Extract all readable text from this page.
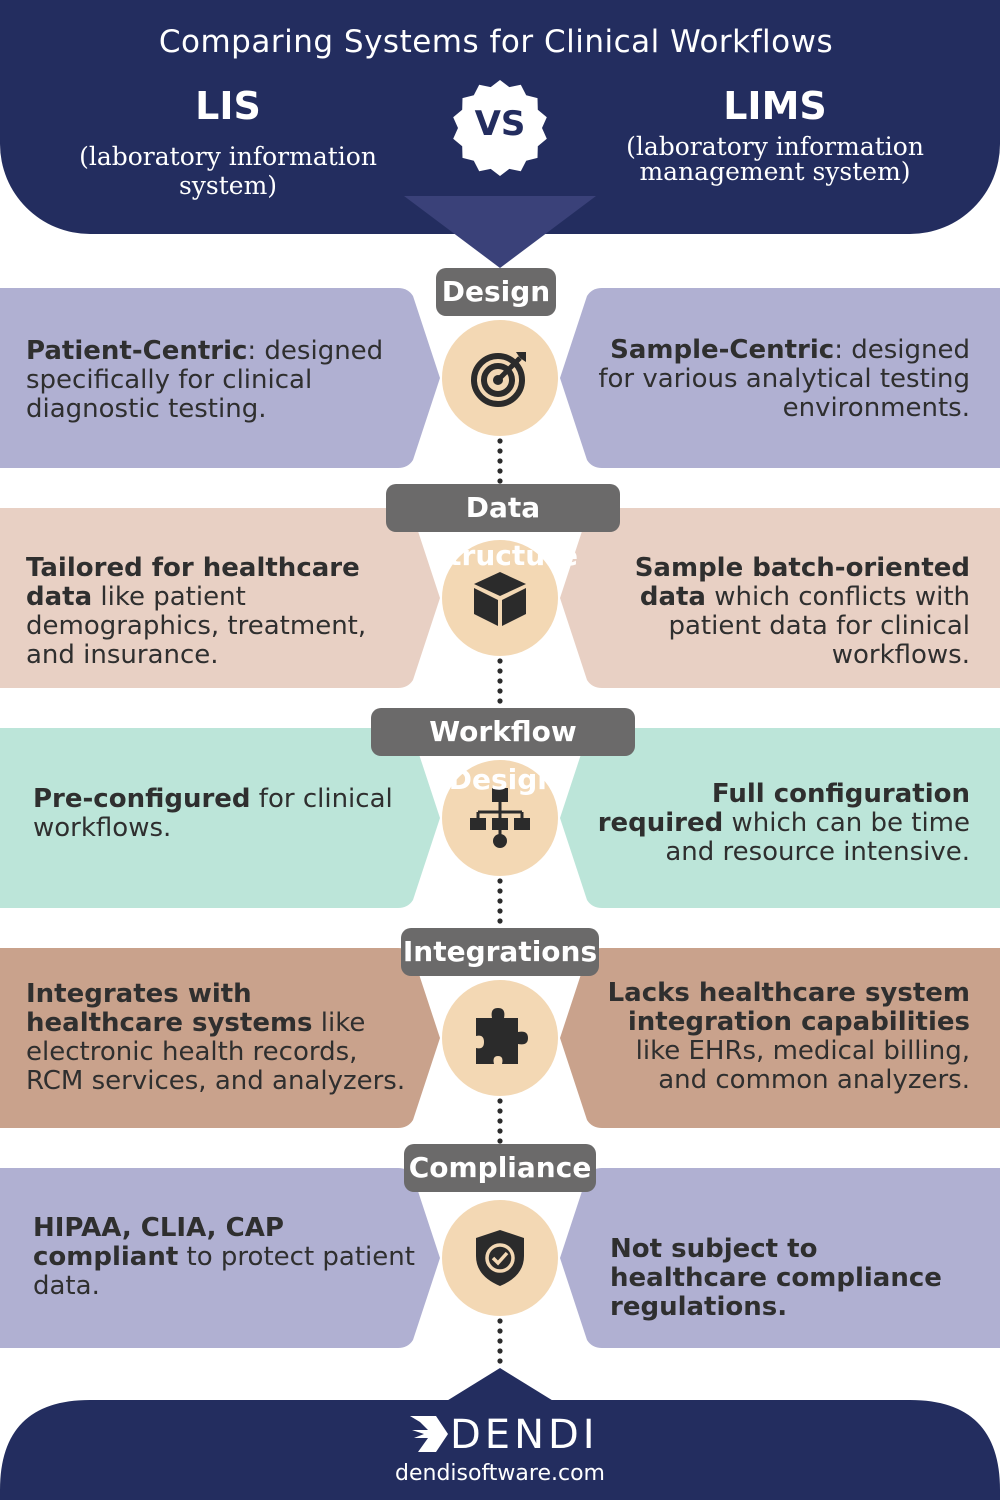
Comparing Systems for Clinical Workflows
LIS
(laboratory information system)
LIMS
(laboratory information management system)
VS
DENDI
dendisoftware.com
Design
Patient-Centric: designed specifically for clinical diagnostic testing.
Sample-Centric: designed for various analytical testing environments.
Data Structure
Tailored for healthcare data like patient demographics, treatment, and insurance.
Sample batch-oriented data which conflicts with patient data for clinical workflows.
Workflow Design
Pre-configured for clinical workflows.
Full configuration required which can be time and resource intensive.
Integrations
Integrates with healthcare systems like electronic health records, RCM services, and analyzers.
Lacks healthcare system integration capabilities like EHRs, medical billing, and common analyzers.
Compliance
HIPAA, CLIA, CAP compliant to protect patient data.
Not subject to healthcare compliance regulations.
